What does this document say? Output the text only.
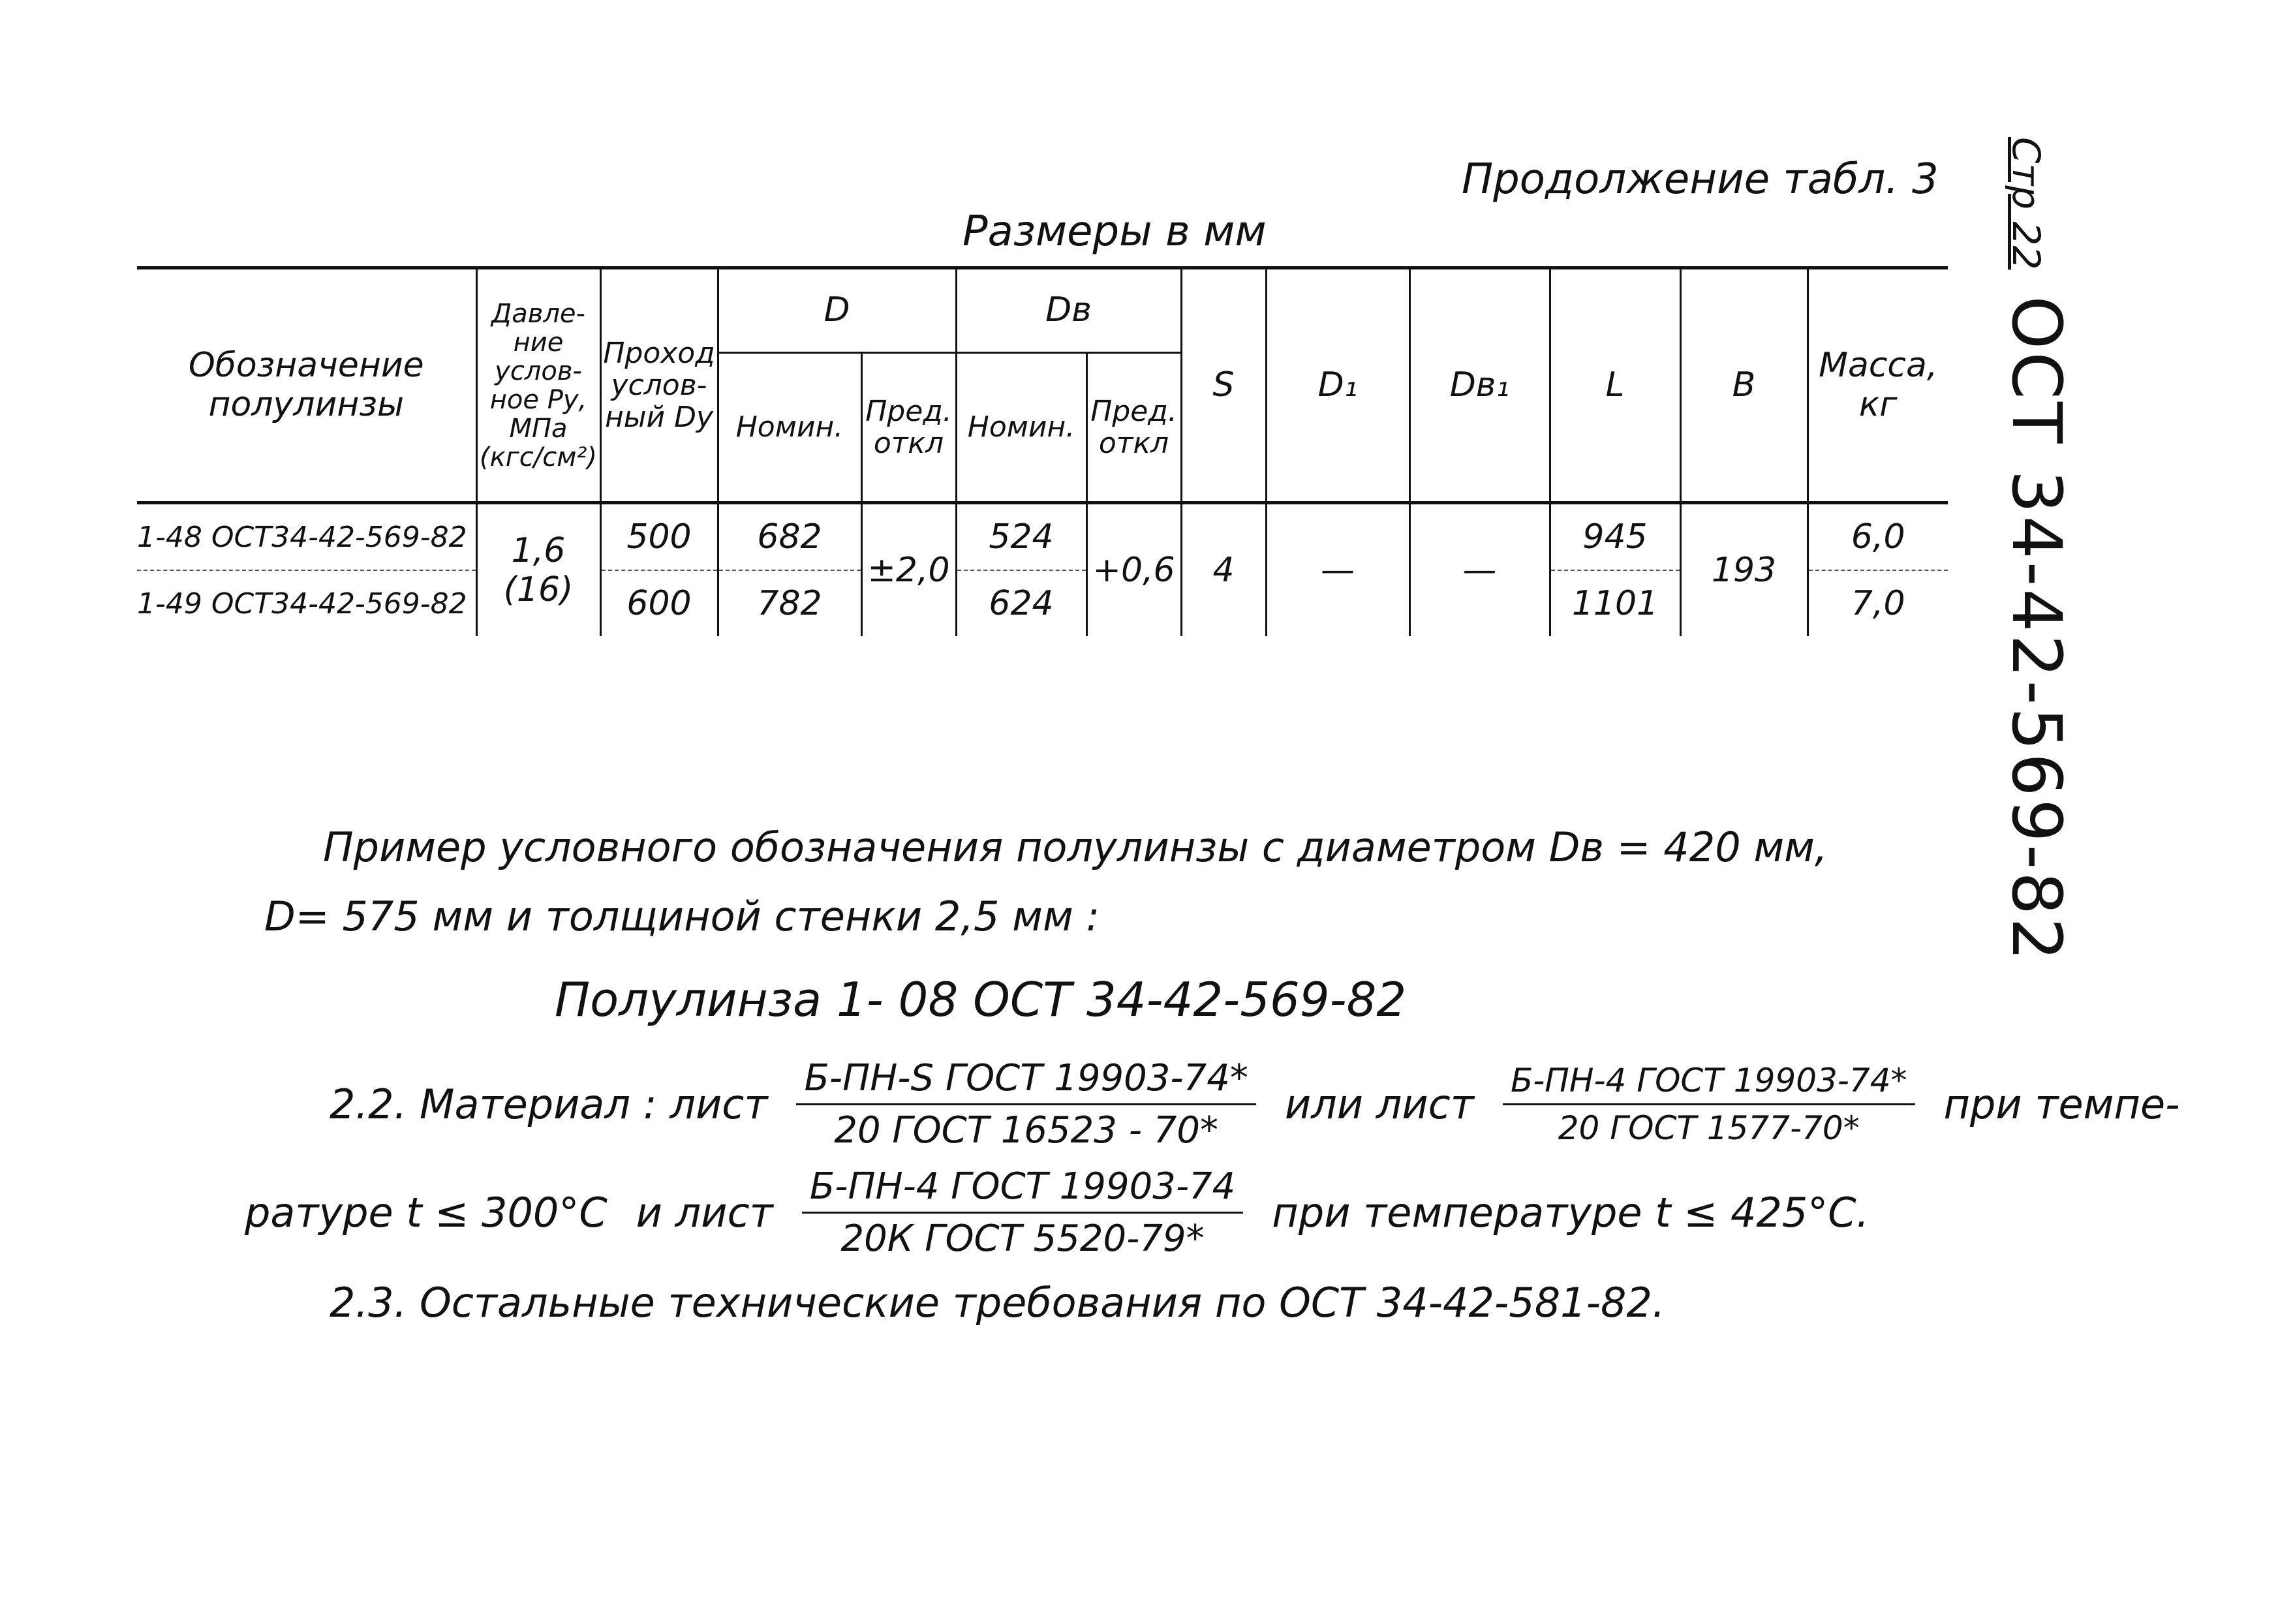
Продолжение табл. 3
Размеры в мм	Стр 22
ОСТ 34-42-569-82
Обозначение полулинзы	Давле-ние услов-ное Ру, МПа (кгс/см²)	Проход услов-ный Dу	D		Dв		S	D₁	Dв₁	L	B	Масса, кг
			Номин.	Пред. откл	Номин.	Пред. откл						
1-48 ОСТ34-42-569-82	1,6 (16)	500	682	±2,0	524	+0,6	4	—	—	945	193	6,0
1-49 ОСТ34-42-569-82		600	782		624					1101		7,0
Пример условного обозначения полулинзы с диаметром Dв = 420 мм,
D= 575 мм и толщиной стенки 2,5 мм :
Полулинза 1- 08 ОСТ 34-42-569-82
2.2. Материал : лист $\frac{\text{Б-ПН-S ГОСТ 19903-74*}}{\text{20 ГОСТ 16523 - 70*}}$ или лист $\frac{\text{Б-ПН-4 ГОСТ 19903-74*}}{\text{20 ГОСТ 1577-70*}}$ при темпе-
ратуре t ≤ 300°C и лист $\frac{\text{Б-ПН-4 ГОСТ 19903-74}}{\text{20К ГОСТ 5520-79*}}$ при температуре t ≤ 425°C.
2.3. Остальные технические требования по ОСТ 34-42-581-82.
